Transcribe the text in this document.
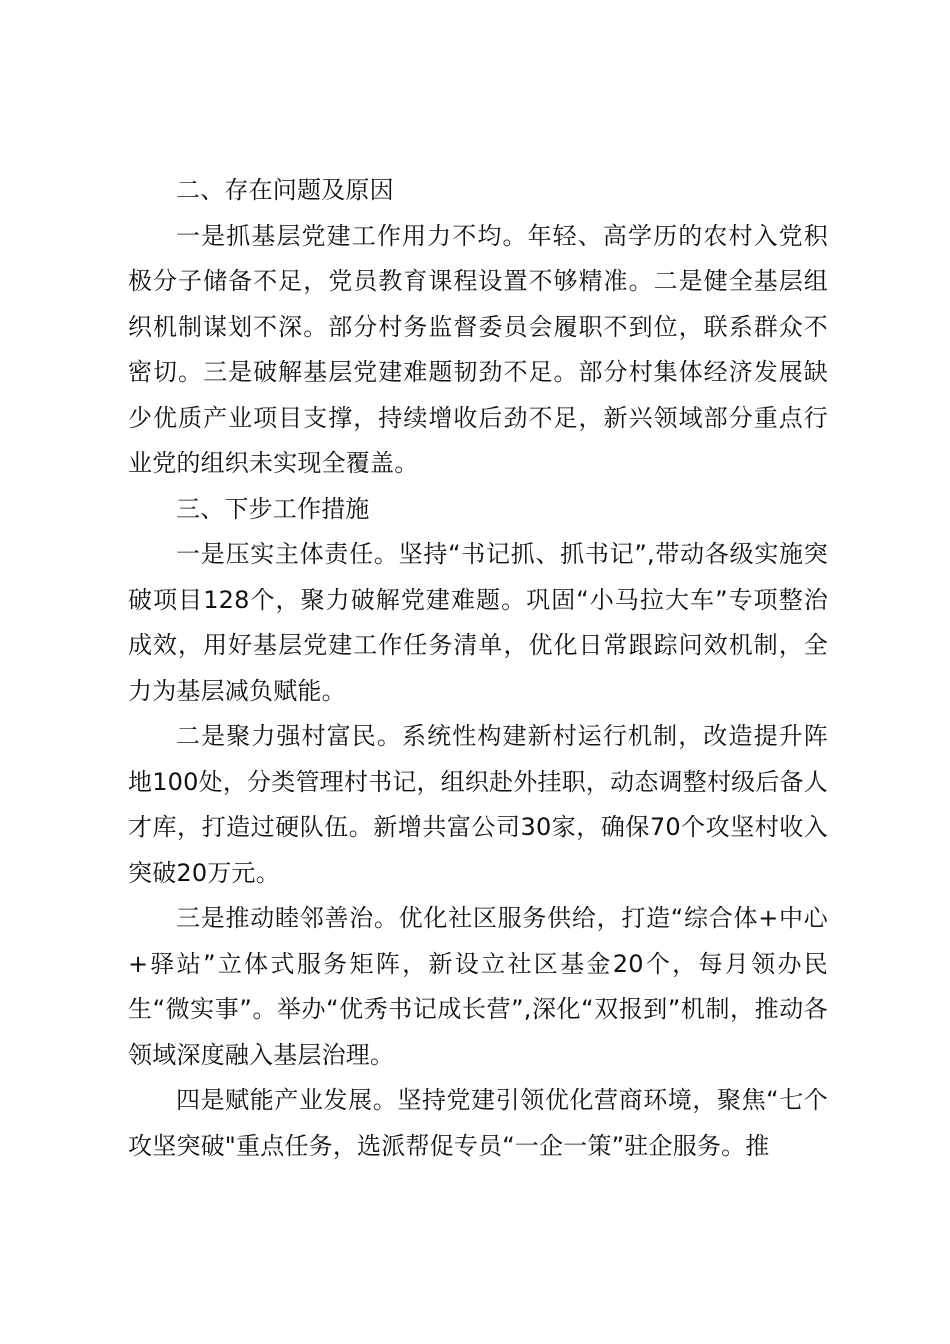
二、存在问题及原因

一是抓基层党建工作用力不均。年轻、高学历的农村入党积极分子储备不足，党员教育课程设置不够精准。二是健全基层组织机制谋划不深。部分村务监督委员会履职不到位，联系群众不密切。三是破解基层党建难题韧劲不足。部分村集体经济发展缺少优质产业项目支撑，持续增收后劲不足，新兴领域部分重点行业党的组织未实现全覆盖。

三、下步工作措施

一是压实主体责任。坚持“书记抓、抓书记”,带动各级实施突破项目128个，聚力破解党建难题。巩固“小马拉大车”专项整治成效，用好基层党建工作任务清单，优化日常跟踪问效机制，全力为基层减负赋能。

二是聚力强村富民。系统性构建新村运行机制，改造提升阵地100处，分类管理村书记，组织赴外挂职，动态调整村级后备人才库，打造过硬队伍。新增共富公司30家，确保70个攻坚村收入突破20万元。

三是推动睦邻善治。优化社区服务供给，打造“综合体+中心+驿站”立体式服务矩阵，新设立社区基金20个，每月领办民生“微实事”。举办“优秀书记成长营”,深化“双报到”机制，推动各领域深度融入基层治理。

四是赋能产业发展。坚持党建引领优化营商环境，聚焦“七个攻坚突破"重点任务，选派帮促专员“一企一策”驻企服务。推
